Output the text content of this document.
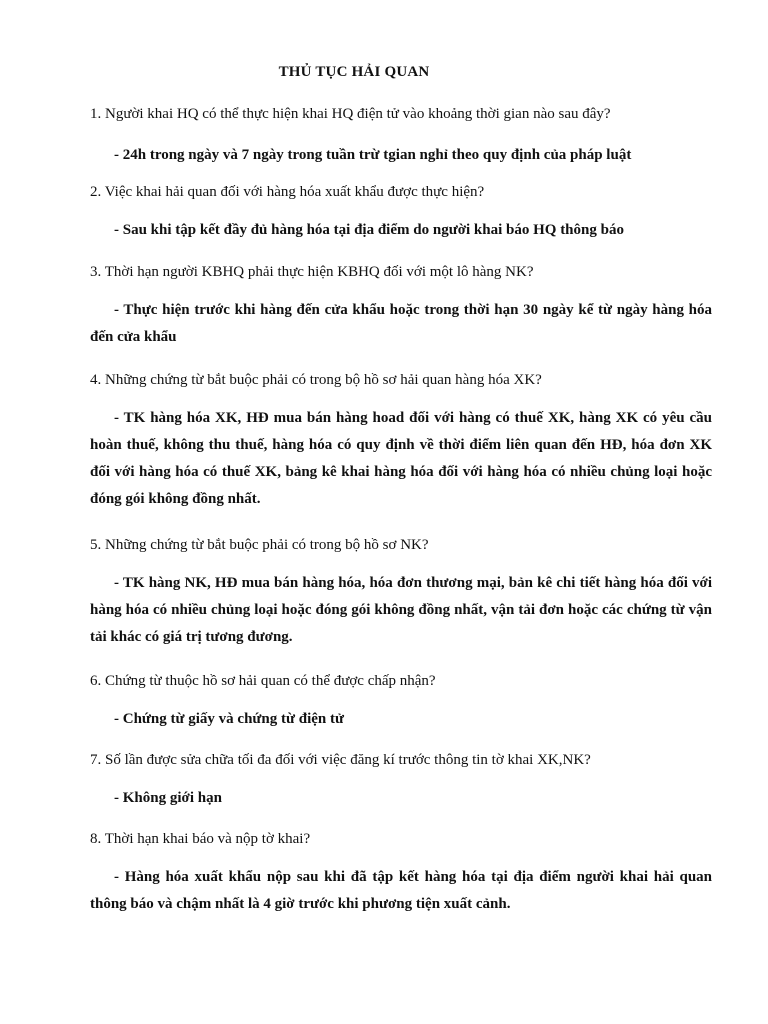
THỦ TỤC HẢI QUAN

1. Người khai HQ có thể thực hiện khai HQ điện tử vào khoảng thời gian nào sau đây?

- 24h trong ngày và 7 ngày trong tuần trừ tgian nghỉ theo quy định của pháp luật

2. Việc khai hải quan đối với hàng hóa xuất khẩu được thực hiện?

- Sau khi tập kết đầy đủ hàng hóa tại địa điểm do người khai báo HQ thông báo

3. Thời hạn người KBHQ phải thực hiện KBHQ đối với một lô hàng NK?

- Thực hiện trước khi hàng đến cửa khẩu hoặc trong thời hạn 30 ngày kể từ ngày hàng hóa đến cửa khẩu

4. Những chứng từ bắt buộc phải có trong bộ hồ sơ hải quan hàng hóa XK?

- TK hàng hóa XK, HĐ mua bán hàng hoad đối với hàng có thuế XK, hàng XK có yêu cầu hoàn thuế, không thu thuế, hàng hóa có quy định về thời điểm liên quan đến HĐ, hóa đơn XK đối với hàng hóa có thuế XK, bảng kê khai hàng hóa đối với hàng hóa có nhiều chủng loại hoặc đóng gói không đồng nhất.

5. Những chứng từ bắt buộc phải có trong bộ hồ sơ NK?

- TK hàng NK, HĐ mua bán hàng hóa, hóa đơn thương mại, bản kê chi tiết hàng hóa đối với hàng hóa có nhiều chủng loại hoặc đóng gói không đồng nhất, vận tải đơn hoặc các chứng từ vận tải khác có giá trị tương đương.

6. Chứng từ thuộc hồ sơ hải quan có thể được chấp nhận?

- Chứng từ giấy và chứng từ điện tử

7. Số lần được sửa chữa tối đa đối với việc đăng kí trước thông tin tờ khai XK,NK?

- Không giới hạn

8. Thời hạn khai báo và nộp tờ khai?

- Hàng hóa xuất khẩu nộp sau khi đã tập kết hàng hóa tại địa điểm người khai hải quan thông báo và chậm nhất là 4 giờ trước khi phương tiện xuất cảnh.
